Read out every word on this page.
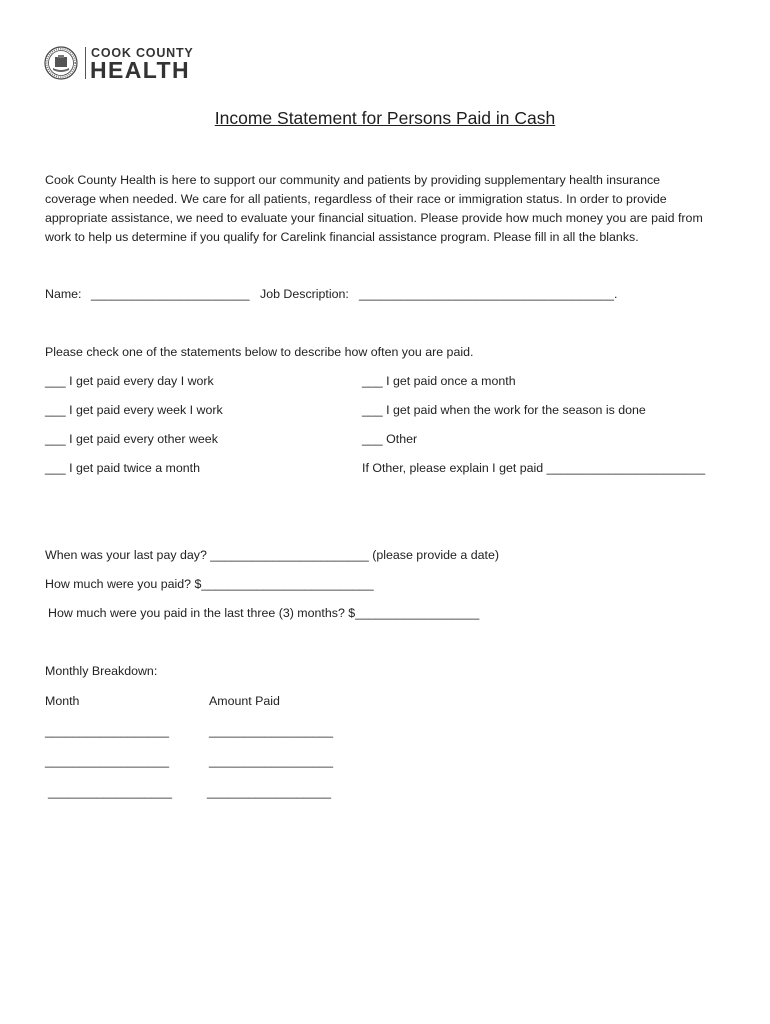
COOK COUNTY
HEALTH
Income Statement for Persons Paid in Cash
Cook County Health is here to support our community and patients by providing supplementary health insurance
coverage when needed. We care for all patients, regardless of their race or immigration status. In order to provide
appropriate assistance, we need to evaluate your financial situation. Please provide how much money you are paid from
work to help us determine if you qualify for Carelink financial assistance program. Please fill in all the blanks.
Name: _______________________ Job Description: _____________________________________.
Please check one of the statements below to describe how often you are paid.
___ I get paid every day I work
___ I get paid every week I work
___ I get paid every other week
___ I get paid twice a month
___ I get paid once a month
___ I get paid when the work for the season is done
___ Other
If Other, please explain I get paid _______________________
When was your last pay day? _______________________ (please provide a date)
How much were you paid? $_________________________
How much were you paid in the last three (3) months? $__________________
Monthly Breakdown:
Month	Amount Paid
__________________	__________________
__________________	__________________
__________________	__________________
